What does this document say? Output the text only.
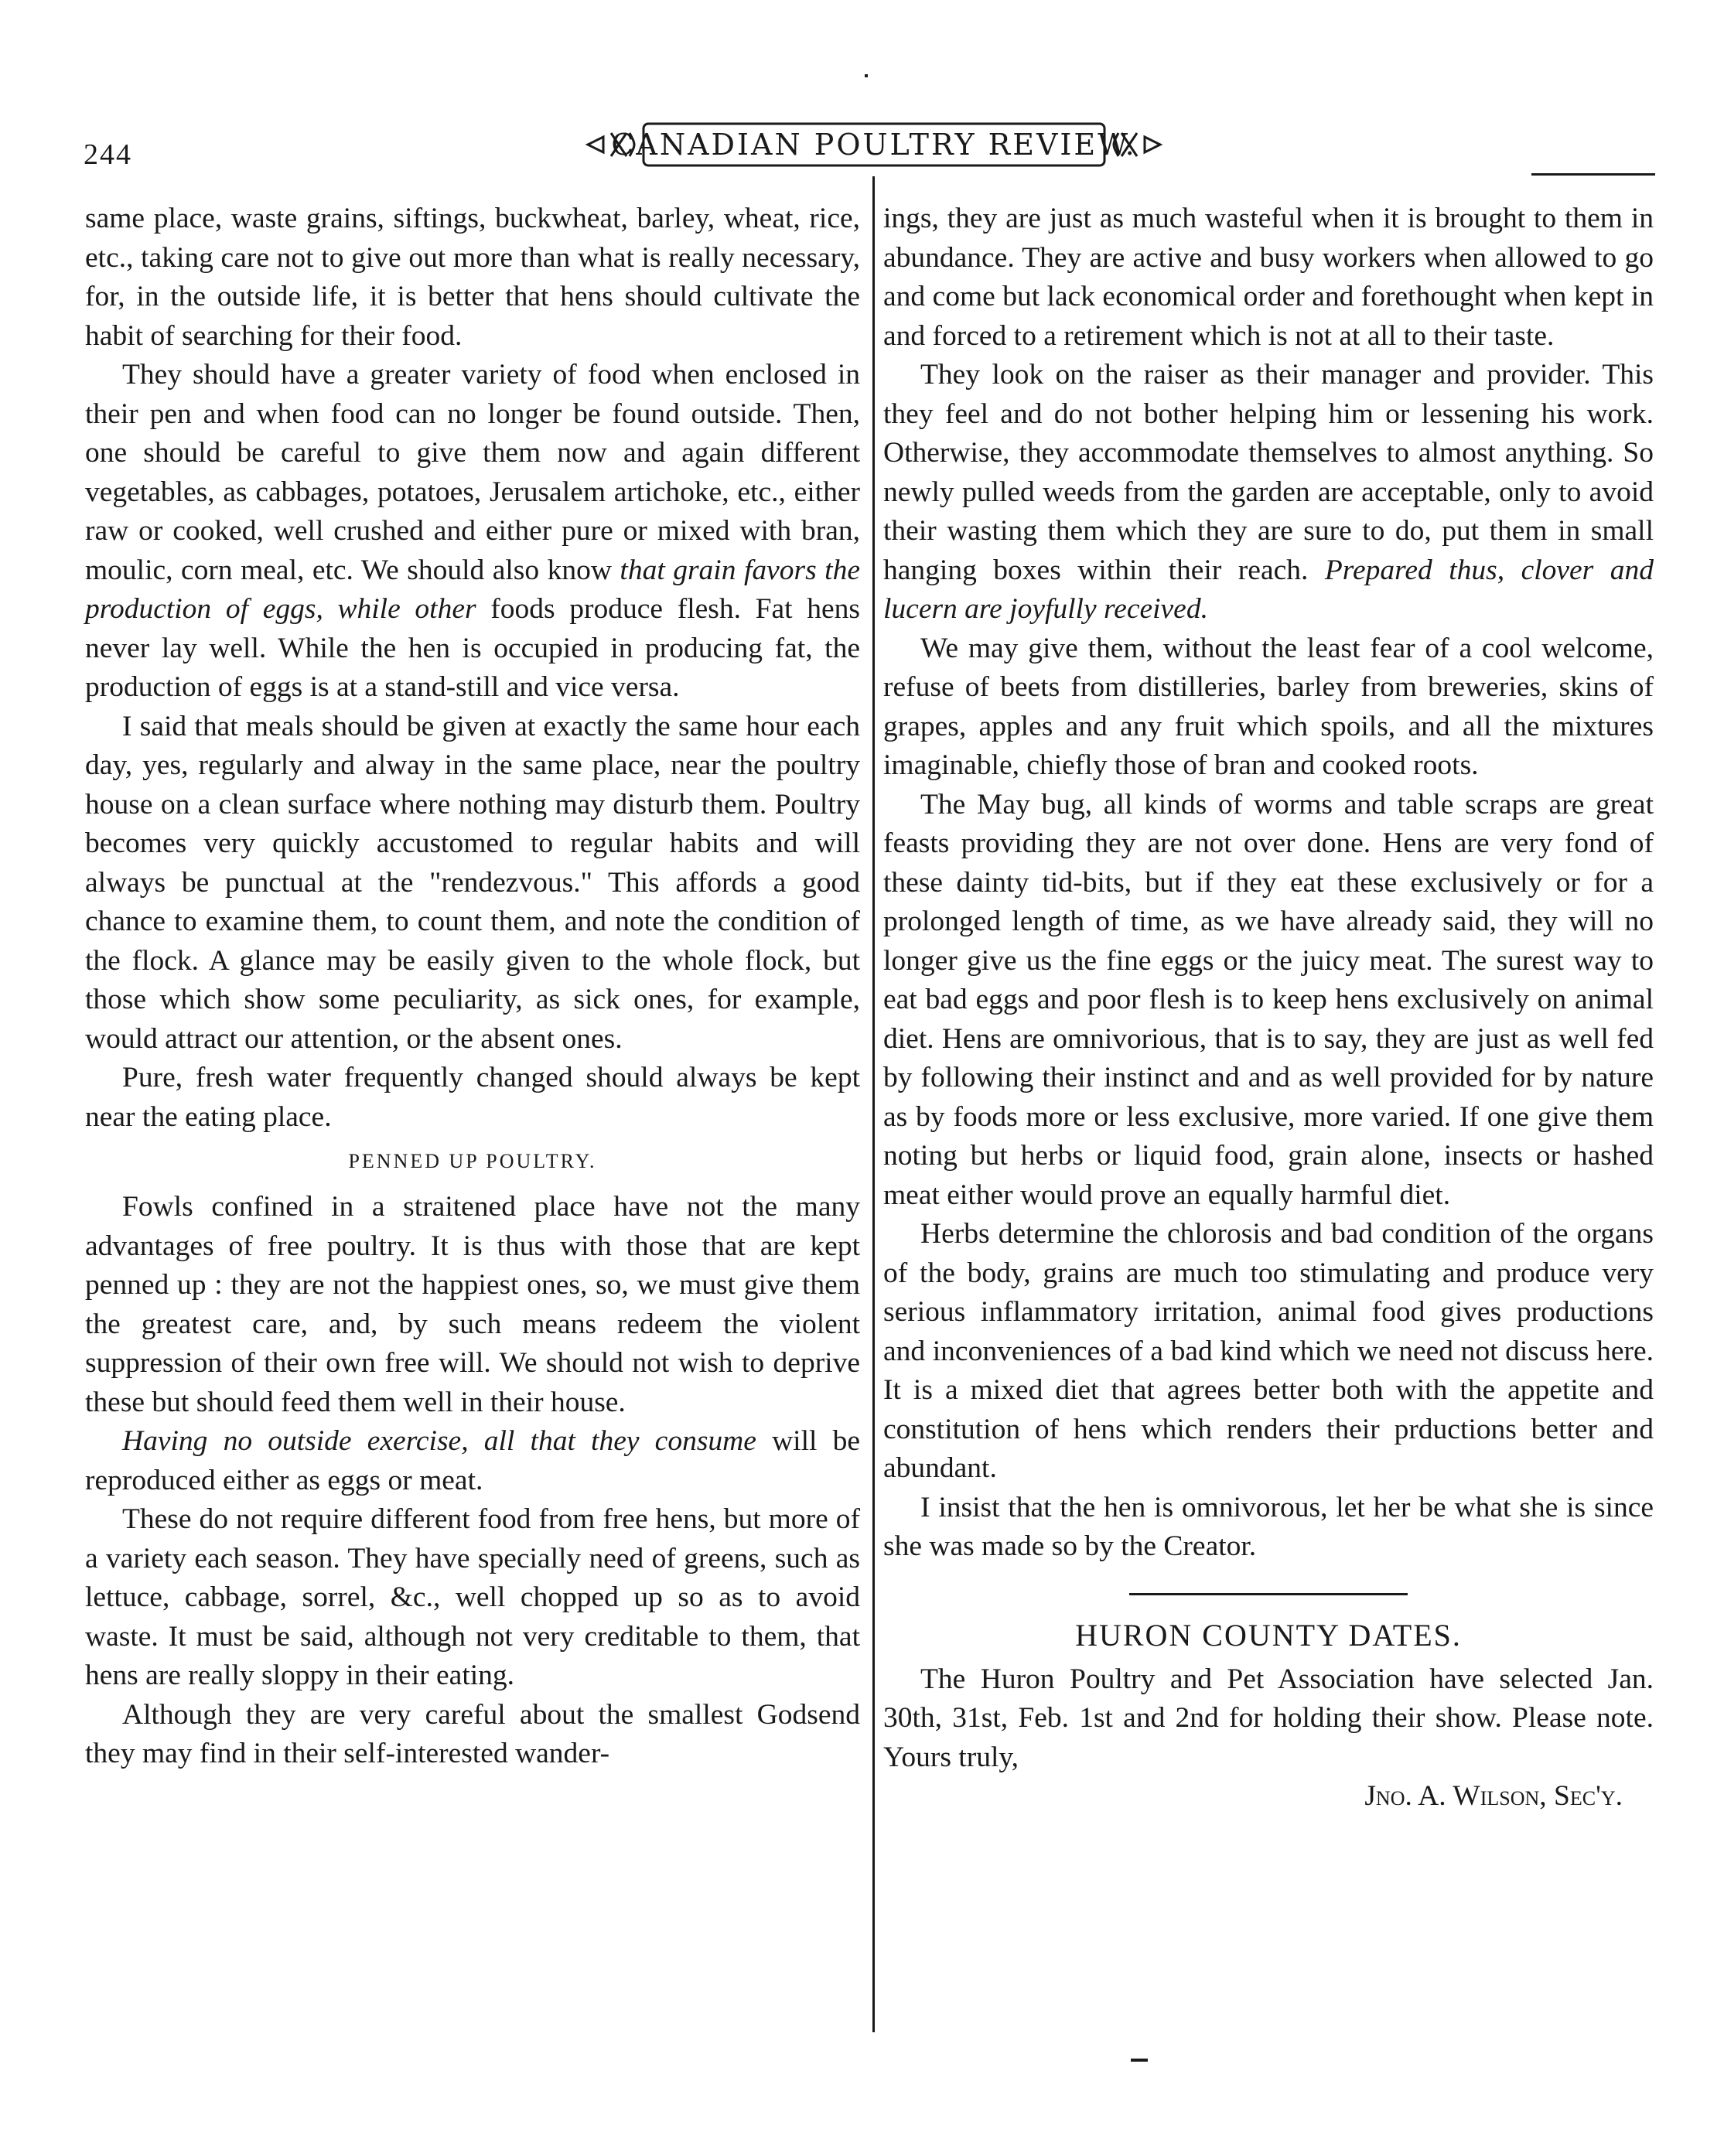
244	CANADIAN POULTRY REVIEW.

same place, waste grains, siftings, buckwheat, barley, wheat, rice, etc., taking care not to give out more than what is really necessary, for, in the outside life, it is better that hens should cultivate the habit of searching for their food.

They should have a greater variety of food when enclosed in their pen and when food can no longer be found outside. Then, one should be careful to give them now and again different vegetables, as cabbages, potatoes, Jerusalem artichoke, etc., either raw or cooked, well crushed and either pure or mixed with bran, moulic, corn meal, etc. We should also know that grain favors the production of eggs, while other foods produce flesh. Fat hens never lay well. While the hen is occupied in producing fat, the production of eggs is at a stand-still and vice versa.

I said that meals should be given at exactly the same hour each day, yes, regularly and alway in the same place, near the poultry house on a clean surface where nothing may disturb them. Poultry becomes very quickly accustomed to regular habits and will always be punctual at the "rendezvous." This affords a good chance to examine them, to count them, and note the condition of the flock. A glance may be easily given to the whole flock, but those which show some peculiarity, as sick ones, for example, would attract our attention, or the absent ones.

Pure, fresh water frequently changed should always be kept near the eating place.

PENNED UP POULTRY.

Fowls confined in a straitened place have not the many advantages of free poultry. It is thus with those that are kept penned up : they are not the happiest ones, so, we must give them the greatest care, and, by such means redeem the violent suppression of their own free will. We should not wish to deprive these but should feed them well in their house.

Having no outside exercise, all that they consume will be reproduced either as eggs or meat.

These do not require different food from free hens, but more of a variety each season. They have specially need of greens, such as lettuce, cabbage, sorrel, &c., well chopped up so as to avoid waste. It must be said, although not very creditable to them, that hens are really sloppy in their eating.

Although they are very careful about the smallest Godsend they may find in their self-interested wander-

ings, they are just as much wasteful when it is brought to them in abundance. They are active and busy workers when allowed to go and come but lack economical order and forethought when kept in and forced to a retirement which is not at all to their taste.

They look on the raiser as their manager and provider. This they feel and do not bother helping him or lessening his work. Otherwise, they accommodate themselves to almost anything. So newly pulled weeds from the garden are acceptable, only to avoid their wasting them which they are sure to do, put them in small hanging boxes within their reach. Prepared thus, clover and lucern are joyfully received.

We may give them, without the least fear of a cool welcome, refuse of beets from distilleries, barley from breweries, skins of grapes, apples and any fruit which spoils, and all the mixtures imaginable, chiefly those of bran and cooked roots.

The May bug, all kinds of worms and table scraps are great feasts providing they are not over done. Hens are very fond of these dainty tid-bits, but if they eat these exclusively or for a prolonged length of time, as we have already said, they will no longer give us the fine eggs or the juicy meat. The surest way to eat bad eggs and poor flesh is to keep hens exclusively on animal diet. Hens are omnivorious, that is to say, they are just as well fed by following their instinct and and as well provided for by nature as by foods more or less exclusive, more varied. If one give them noting but herbs or liquid food, grain alone, insects or hashed meat either would prove an equally harmful diet.

Herbs determine the chlorosis and bad condition of the organs of the body, grains are much too stimulating and produce very serious inflammatory irritation, animal food gives productions and inconveniences of a bad kind which we need not discuss here. It is a mixed diet that agrees better both with the appetite and constitution of hens which renders their prductions better and abundant.

I insist that the hen is omnivorous, let her be what she is since she was made so by the Creator.

HURON COUNTY DATES.

The Huron Poultry and Pet Association have selected Jan. 30th, 31st, Feb. 1st and 2nd for holding their show. Please note. Yours truly,

Jno. A. Wilson, Sec'y.
